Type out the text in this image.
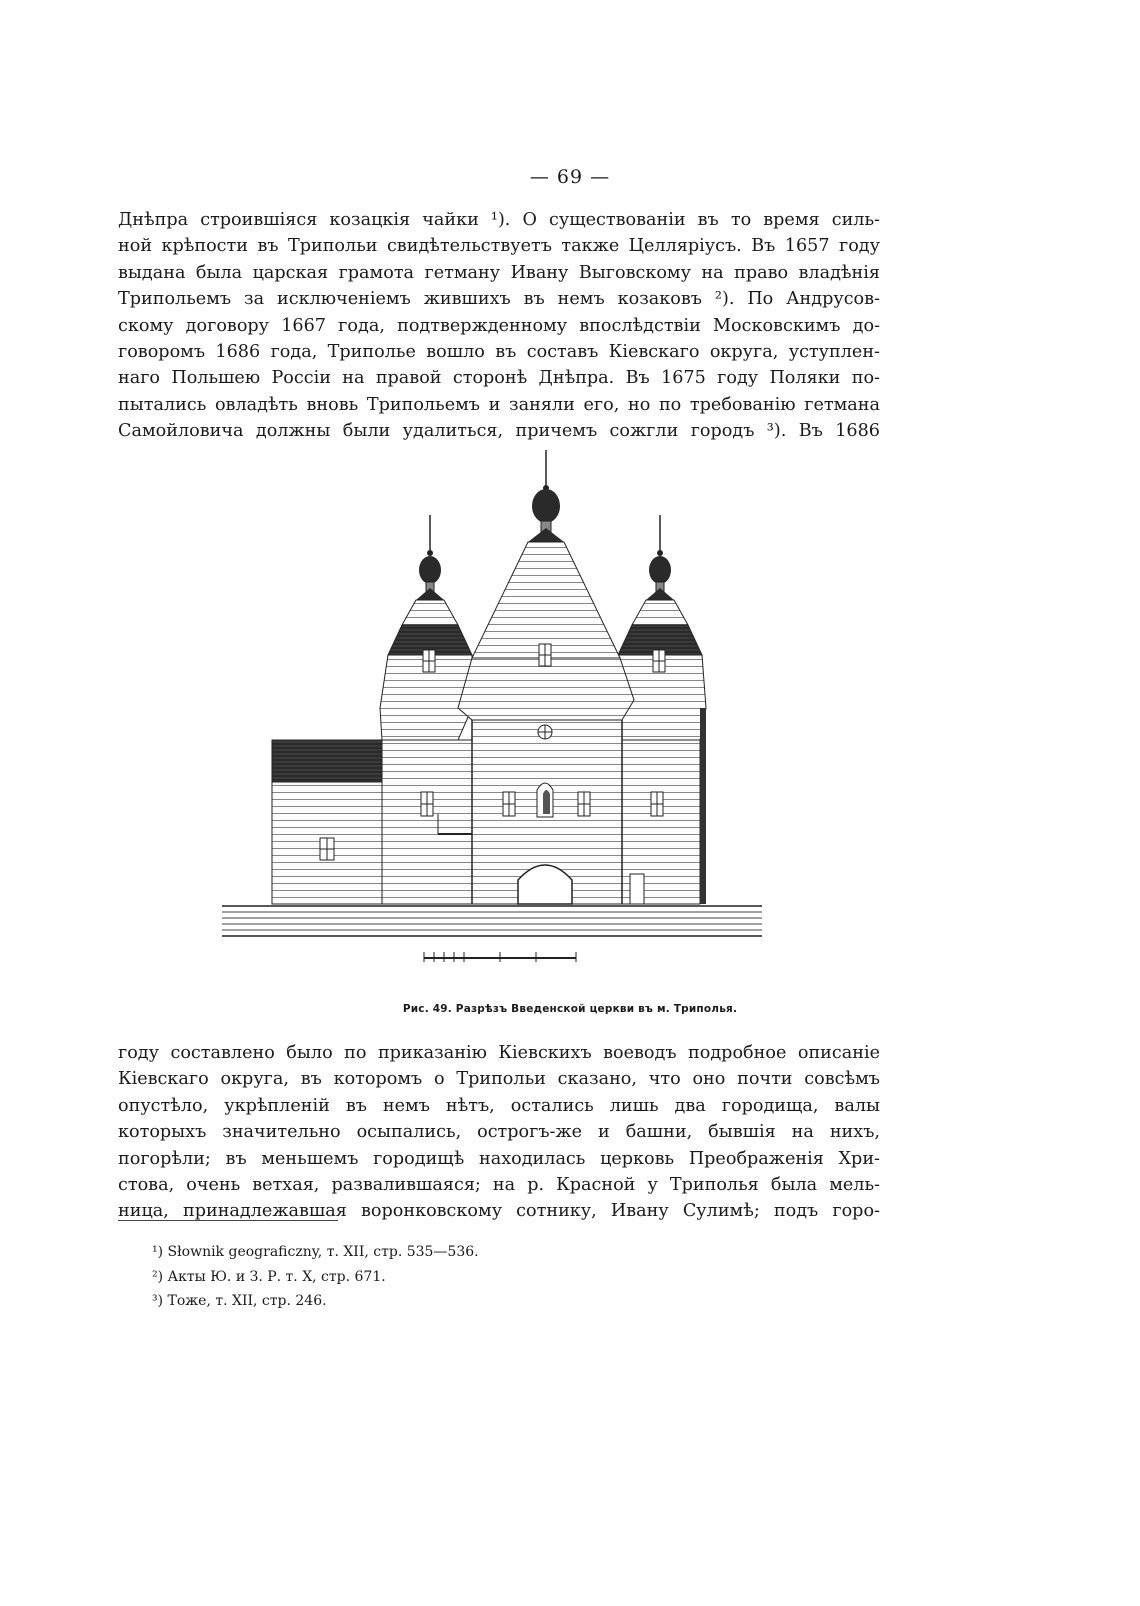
— 69 —
Днѣпра строившіяся козацкія чайки ¹). О существованіи въ то время силь-
ной крѣпости въ Трипольи свидѣтельствуетъ также Целляріусъ. Въ 1657 году
выдана была царская грамота гетману Ивану Выговскому на право владѣнія
Трипольемъ за исключеніемъ жившихъ въ немъ козаковъ ²). По Андрусов-
скому договору 1667 года, подтвержденному впослѣдствіи Московскимъ до-
говоромъ 1686 года, Триполье вошло въ составъ Кіевскаго округа, уступлен-
наго Польшею Россіи на правой сторонѣ Днѣпра. Въ 1675 году Поляки по-
пытались овладѣть вновь Трипольемъ и заняли его, но по требованію гетмана
Самойловича должны были удалиться, причемъ сожгли городъ ³). Въ 1686
Рис. 49. Разрѣзъ Введенской церкви въ м. Триполья.
году составлено было по приказанію Кіевскихъ воеводъ подробное описаніе
Кіевскаго округа, въ которомъ о Трипольи сказано, что оно почти совсѣмъ
опустѣло, укрѣпленій въ немъ нѣтъ, остались лишь два городища, валы
которыхъ значительно осыпались, острогъ-же и башни, бывшія на нихъ,
погорѣли; въ меньшемъ городищѣ находилась церковь Преображенія Хри-
стова, очень ветхая, развалившаяся; на р. Красной у Триполья была мель-
ница, принадлежавшая воронковскому сотнику, Ивану Сулимѣ; подъ горо-
¹) Słownik geograficzny, т. XII, стр. 535—536.
²) Акты Ю. и З. Р. т. X, стр. 671.
³) Тоже, т. XII, стр. 246.
